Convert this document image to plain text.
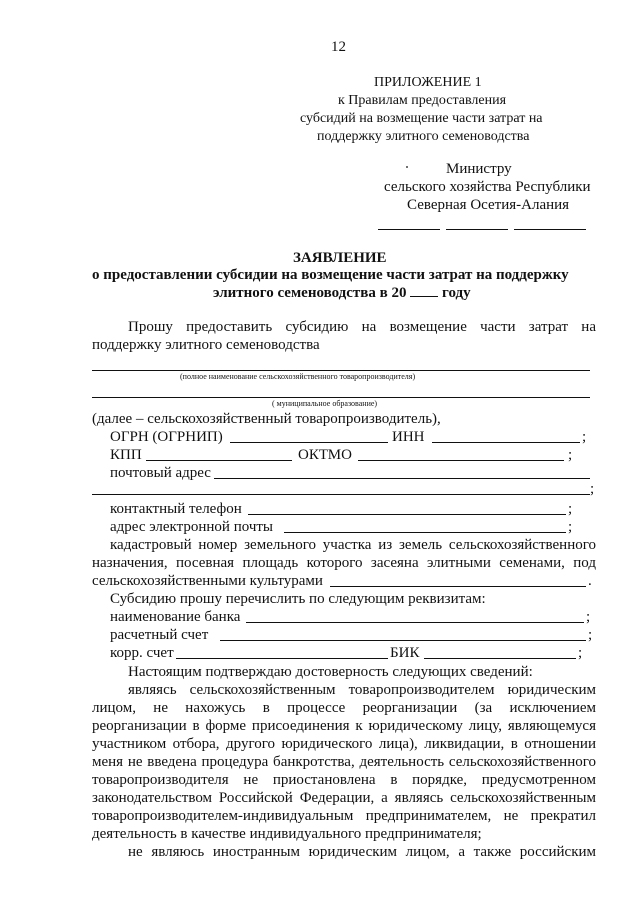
12
ПРИЛОЖЕНИЕ 1
к Правилам предоставления
субсидий на возмещение части затрат на
поддержку элитного семеноводства
Министру
сельского хозяйства Республики
Северная Осетия-Алания
ЗАЯВЛЕНИЕ
о предоставлении субсидии на возмещение части затрат на поддержку
элитного семеноводства в 20 году
Прошу предоставить субсидию на возмещение части затрат на
поддержку элитного семеноводства
(полное наименование сельскохозяйственного товаропроизводителя)
( муниципальное образование)
(далее – сельскохозяйственный товаропроизводитель),
ОГРН (ОГРНИП)	ИНН	;
КПП	ОКТМО	;
почтовый адрес
;
контактный телефон	;
адрес электронной почты	;
кадастровый номер земельного участка из земель сельскохозяйственного
назначения, посевная площадь которого засеяна элитными семенами, под
сельскохозяйственными культурами	.
Субсидию прошу перечислить по следующим реквизитам:
наименование банка	;
расчетный счет	;
корр. счет	БИК	;
Настоящим подтверждаю достоверность следующих сведений:
являясь сельскохозяйственным товаропроизводителем юридическим
лицом, не нахожусь в процессе реорганизации (за исключением
реорганизации в форме присоединения к юридическому лицу, являющемуся
участником отбора, другого юридического лица), ликвидации, в отношении
меня не введена процедура банкротства, деятельность сельскохозяйственного
товаропроизводителя не приостановлена в порядке, предусмотренном
законодательством Российской Федерации, а являясь сельскохозяйственным
товаропроизводителем-индивидуальным предпринимателем, не прекратил
деятельность в качестве индивидуального предпринимателя;
не являюсь иностранным юридическим лицом, а также российским
